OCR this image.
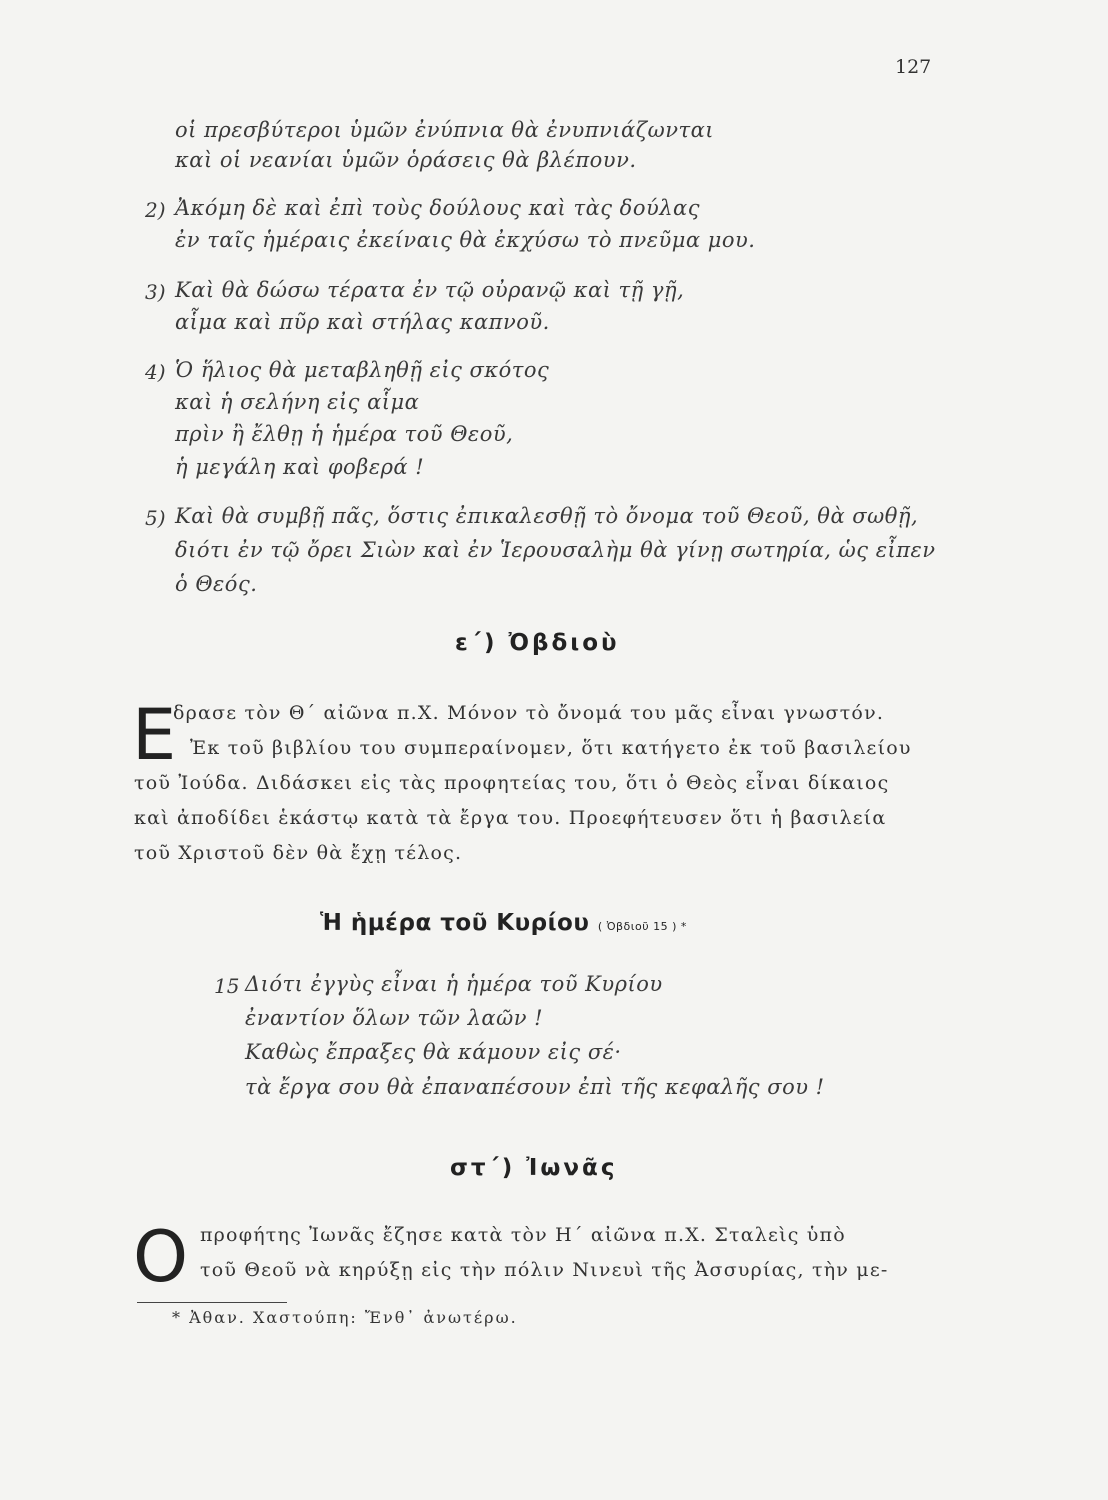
127
οἱ πρεσβύτεροι ὑμῶν ἐνύπνια θὰ ἐνυπνιάζωνται
καὶ οἱ νεανίαι ὑμῶν ὁράσεις θὰ βλέπουν.
2) Ἀκόμη δὲ καὶ ἐπὶ τοὺς δούλους καὶ τὰς δούλας
ἐν ταῖς ἡμέραις ἐκείναις θὰ ἐκχύσω τὸ πνεῦμα μου.
3) Καὶ θὰ δώσω τέρατα ἐν τῷ οὐρανῷ καὶ τῇ γῇ,
αἷμα καὶ πῦρ καὶ στήλας καπνοῦ.
4) Ὁ ἥλιος θὰ μεταβληθῇ εἰς σκότος
καὶ ἡ σελήνη εἰς αἷμα
πρὶν ἢ ἔλθῃ ἡ ἡμέρα τοῦ Θεοῦ,
ἡ μεγάλη καὶ φοβερά !
5) Καὶ θὰ συμβῇ πᾶς, ὅστις ἐπικαλεσθῇ τὸ ὄνομα τοῦ Θεοῦ, θὰ σωθῇ,
διότι ἐν τῷ ὄρει Σιὼν καὶ ἐν Ἱερουσαλὴμ θὰ γίνῃ σωτηρία, ὡς εἶπεν
ὁ Θεός.
ε΄) Ὀβδιοὺ
E
δρασε τὸν Θ΄ αἰῶνα π.Χ. Μόνον τὸ ὄνομά του μᾶς εἶναι γνωστόν.
Ἐκ τοῦ βιβλίου του συμπεραίνομεν, ὅτι κατήγετο ἐκ τοῦ βασιλείου
τοῦ Ἰούδα. Διδάσκει εἰς τὰς προφητείας του, ὅτι ὁ Θεὸς εἶναι δίκαιος
καὶ ἀποδίδει ἑκάστῳ κατὰ τὰ ἔργα του. Προεφήτευσεν ὅτι ἡ βασιλεία
τοῦ Χριστοῦ δὲν θὰ ἔχῃ τέλος.
Ἡ ἡμέρα τοῦ Κυρίου ( Ὀβδιοῦ 15 ) *
15 Διότι ἐγγὺς εἶναι ἡ ἡμέρα τοῦ Κυρίου
ἐναντίον ὅλων τῶν λαῶν !
Καθὼς ἔπραξες θὰ κάμουν εἰς σέ·
τὰ ἔργα σου θὰ ἐπαναπέσουν ἐπὶ τῆς κεφαλῆς σου !
στ΄) Ἰωνᾶς
O προφήτης Ἰωνᾶς ἔζησε κατὰ τὸν Η΄ αἰῶνα π.Χ. Σταλεὶς ὑπὸ
τοῦ Θεοῦ νὰ κηρύξῃ εἰς τὴν πόλιν Νινευὶ τῆς Ἀσσυρίας, τὴν με-
* Ἀθαν. Χαστούπη: Ἔνθ᾿ ἀνωτέρω.
